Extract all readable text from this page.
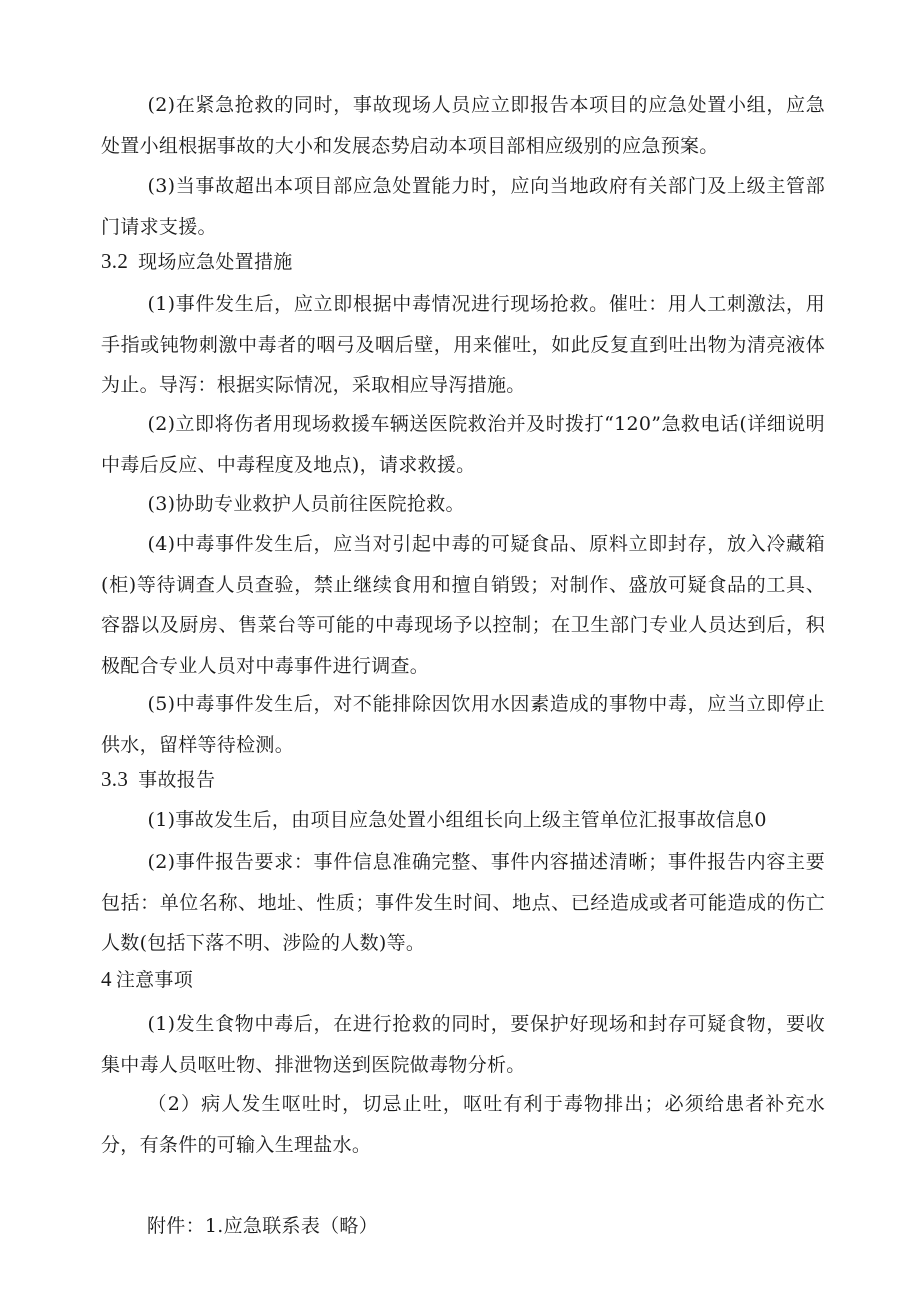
(2)在紧急抢救的同时，事故现场人员应立即报告本项目的应急处置小组，应急处置小组根据事故的大小和发展态势启动本项目部相应级别的应急预案。

(3)当事故超出本项目部应急处置能力时，应向当地政府有关部门及上级主管部门请求支援。

3.2 现场应急处置措施

(1)事件发生后，应立即根据中毒情况进行现场抢救。催吐：用人工刺激法，用手指或钝物刺激中毒者的咽弓及咽后壁，用来催吐，如此反复直到吐出物为清亮液体为止。导泻：根据实际情况，采取相应导泻措施。

(2)立即将伤者用现场救援车辆送医院救治并及时拨打“120”急救电话(详细说明中毒后反应、中毒程度及地点)，请求救援。

(3)协助专业救护人员前往医院抢救。

(4)中毒事件发生后，应当对引起中毒的可疑食品、原料立即封存，放入冷藏箱(柜)等待调查人员查验，禁止继续食用和擅自销毁；对制作、盛放可疑食品的工具、容器以及厨房、售菜台等可能的中毒现场予以控制；在卫生部门专业人员达到后，积极配合专业人员对中毒事件进行调查。

(5)中毒事件发生后，对不能排除因饮用水因素造成的事物中毒，应当立即停止供水，留样等待检测。

3.3 事故报告

(1)事故发生后，由项目应急处置小组组长向上级主管单位汇报事故信息0

(2)事件报告要求：事件信息准确完整、事件内容描述清晰；事件报告内容主要包括：单位名称、地址、性质；事件发生时间、地点、已经造成或者可能造成的伤亡人数(包括下落不明、涉险的人数)等。

4 注意事项

(1)发生食物中毒后，在进行抢救的同时，要保护好现场和封存可疑食物，要收集中毒人员呕吐物、排泄物送到医院做毒物分析。

（2）病人发生呕吐时，切忌止吐，呕吐有利于毒物排出；必须给患者补充水分，有条件的可输入生理盐水。

附件：1.应急联系表（略）
